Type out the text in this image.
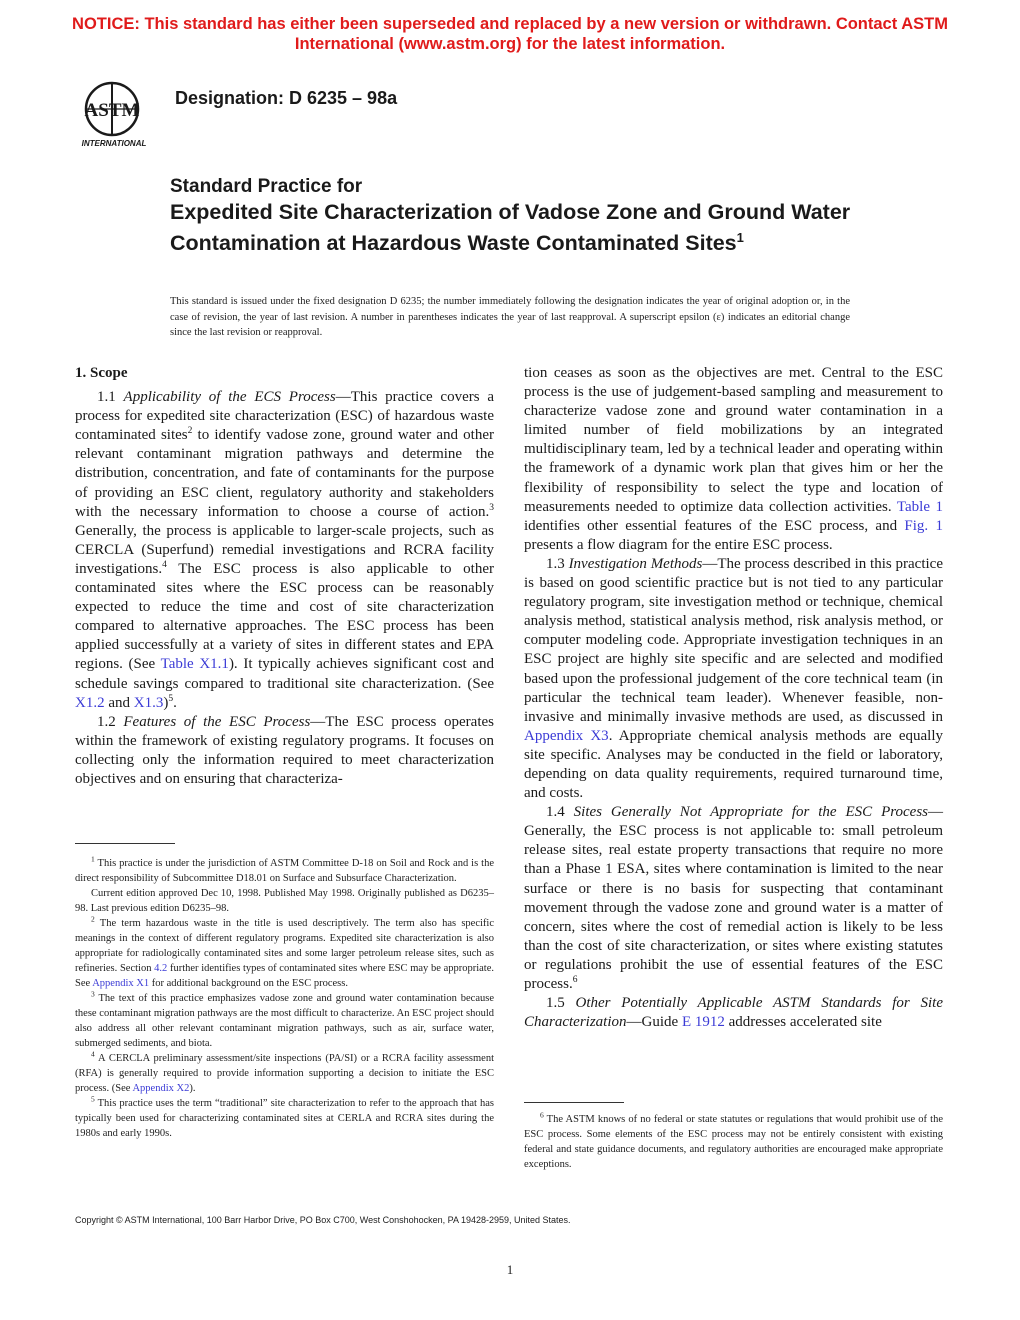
NOTICE: This standard has either been superseded and replaced by a new version or withdrawn. Contact ASTM
International (www.astm.org) for the latest information.
ASTM
INTERNATIONAL
Designation: D 6235 – 98a
Standard Practice for
Expedited Site Characterization of Vadose Zone and Ground Water Contamination at Hazardous Waste Contaminated Sites$^1$
This standard is issued under the fixed designation D 6235; the number immediately following the designation indicates the year of original adoption or, in the case of revision, the year of last revision. A number in parentheses indicates the year of last reapproval. A superscript epsilon (ε) indicates an editorial change since the last revision or reapproval.

1. Scope

1.1 Applicability of the ECS Process—This practice covers a process for expedited site characterization (ESC) of hazardous waste contaminated sites$^2$ to identify vadose zone, ground water and other relevant contaminant migration pathways and determine the distribution, concentration, and fate of contaminants for the purpose of providing an ESC client, regulatory authority and stakeholders with the necessary information to choose a course of action.$^3$ Generally, the process is applicable to larger-scale projects, such as CERCLA (Superfund) remedial investigations and RCRA facility investigations.$^4$ The ESC process is also applicable to other contaminated sites where the ESC process can be reasonably expected to reduce the time and cost of site characterization compared to alternative approaches. The ESC process has been applied successfully at a variety of sites in different states and EPA regions. (See Table X1.1). It typically achieves significant cost and schedule savings compared to traditional site characterization. (See X1.2 and X1.3)$^5$.

1.2 Features of the ESC Process—The ESC process operates within the framework of existing regulatory programs. It focuses on collecting only the information required to meet characterization objectives and on ensuring that characteriza-

$^1$ This practice is under the jurisdiction of ASTM Committee D-18 on Soil and Rock and is the direct responsibility of Subcommittee D18.01 on Surface and Subsurface Characterization.

Current edition approved Dec 10, 1998. Published May 1998. Originally published as D6235–98. Last previous edition D6235–98.

$^2$ The term hazardous waste in the title is used descriptively. The term also has specific meanings in the context of different regulatory programs. Expedited site characterization is also appropriate for radiologically contaminated sites and some larger petroleum release sites, such as refineries. Section 4.2 further identifies types of contaminated sites where ESC may be appropriate. See Appendix X1 for additional background on the ESC process.

$^3$ The text of this practice emphasizes vadose zone and ground water contamination because these contaminant migration pathways are the most difficult to characterize. An ESC project should also address all other relevant contaminant migration pathways, such as air, surface water, submerged sediments, and biota.

$^4$ A CERCLA preliminary assessment/site inspections (PA/SI) or a RCRA facility assessment (RFA) is generally required to provide information supporting a decision to initiate the ESC process. (See Appendix X2).

$^5$ This practice uses the term “traditional” site characterization to refer to the approach that has typically been used for characterizing contaminated sites at CERLA and RCRA sites during the 1980s and early 1990s.

tion ceases as soon as the objectives are met. Central to the ESC process is the use of judgement-based sampling and measurement to characterize vadose zone and ground water contamination in a limited number of field mobilizations by an integrated multidisciplinary team, led by a technical leader and operating within the framework of a dynamic work plan that gives him or her the flexibility of responsibility to select the type and location of measurements needed to optimize data collection activities. Table 1 identifies other essential features of the ESC process, and Fig. 1 presents a flow diagram for the entire ESC process.

1.3 Investigation Methods—The process described in this practice is based on good scientific practice but is not tied to any particular regulatory program, site investigation method or technique, chemical analysis method, statistical analysis method, risk analysis method, or computer modeling code. Appropriate investigation techniques in an ESC project are highly site specific and are selected and modified based upon the professional judgement of the core technical team (in particular the technical team leader). Whenever feasible, non-invasive and minimally invasive methods are used, as discussed in Appendix X3. Appropriate chemical analysis methods are equally site specific. Analyses may be conducted in the field or laboratory, depending on data quality requirements, required turnaround time, and costs.

1.4 Sites Generally Not Appropriate for the ESC Process—Generally, the ESC process is not applicable to: small petroleum release sites, real estate property transactions that require no more than a Phase 1 ESA, sites where contamination is limited to the near surface or there is no basis for suspecting that contaminant movement through the vadose zone and ground water is a matter of concern, sites where the cost of remedial action is likely to be less than the cost of site characterization, or sites where existing statutes or regulations prohibit the use of essential features of the ESC process.$^6$

1.5 Other Potentially Applicable ASTM Standards for Site Characterization—Guide E 1912 addresses accelerated site

$^6$ The ASTM knows of no federal or state statutes or regulations that would prohibit use of the ESC process. Some elements of the ESC process may not be entirely consistent with existing federal and state guidance documents, and regulatory authorities are encouraged make appropriate exceptions.

Copyright © ASTM International, 100 Barr Harbor Drive, PO Box C700, West Conshohocken, PA 19428-2959, United States.
1
